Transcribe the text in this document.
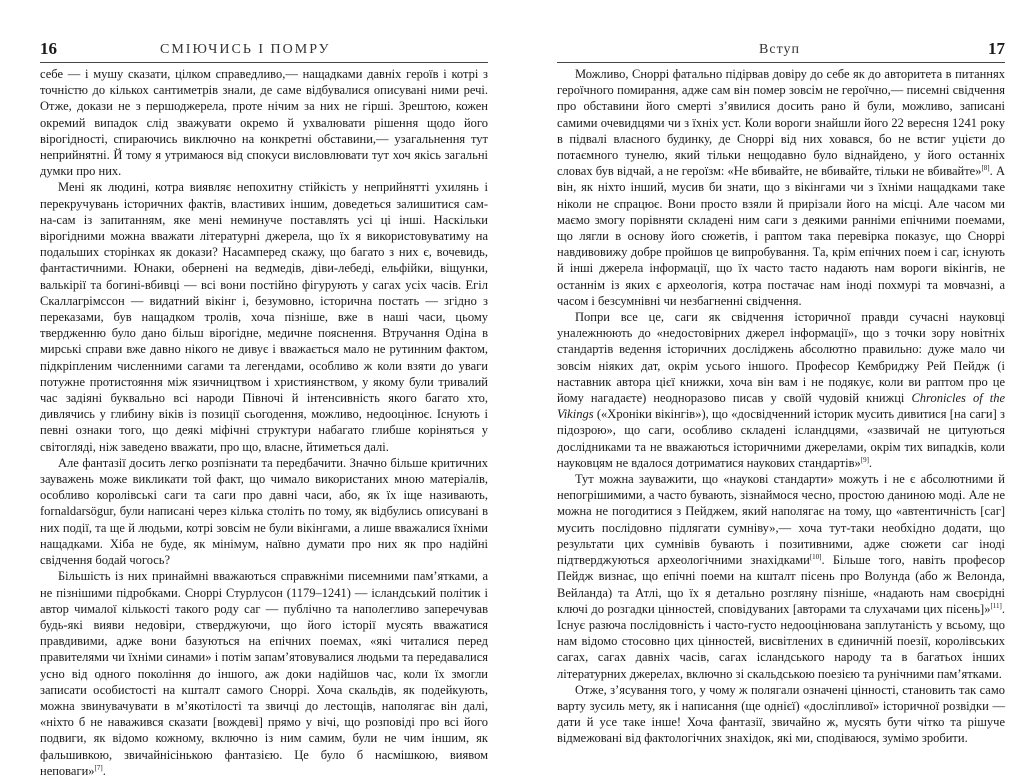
16	СМІЮЧИСЬ І ПОМРУ

себе — і мушу сказати, цілком справедливо,— нащадками давніх героїв і котрі з точністю до кількох сантиметрів знали, де саме відбувалися описувані ними речі. Отже, докази не з першоджерела, проте нічим за них не гірші. Зрештою, кожен окремий випадок слід зважувати окремо й ухвалювати рішення щодо його вірогідності, спираючись виключно на конкретні обставини,— узагальнення тут неприйнятні. Й тому я утримаюся від спокуси висловлювати тут хоч якісь загальні думки про них.

Мені як людині, котра виявляє непохитну стійкість у неприйнятті ухилянь і перекручувань історичних фактів, властивих іншим, доведеться залишитися сам-на-сам із запитанням, яке мені неминуче поставлять усі ці інші. Наскільки вірогідними можна вважати літературні джерела, що їх я використовуватиму на подальших сторінках як докази? Насамперед скажу, що багато з них є, вочевидь, фантастичними. Юнаки, обернені на ведмедів, діви-лебеді, ельфійки, віщунки, валькірії та богині-вбивці — всі вони постійно фігурують у сагах усіх часів. Егіл Скаллагрімссон — видатний вікінг і, безумовно, історична постать — згідно з переказами, був нащадком тролів, хоча пізніше, вже в наші часи, цьому твердженню було дано більш вірогідне, медичне пояснення. Втручання Одіна в мирські справи вже давно нікого не дивує і вважається мало не рутинним фактом, підкріпленим численними сагами та легендами, особливо ж коли взяти до уваги потужне протистояння між язичництвом і християнством, у якому були тривалий час задіяні буквально всі народи Півночі й інтенсивність якого багато хто, дивлячись у глибину віків із позиції сьогодення, можливо, недооцінює. Існують і певні ознаки того, що деякі міфічні структури набагато глибше коріняться у світогляді, ніж заведено вважати, про що, власне, йтиметься далі.

Але фантазії досить легко розпізнати та передбачити. Значно більше критичних зауважень може викликати той факт, що чимало використаних мною матеріалів, особливо королівські саги та саги про давні часи, або, як їх іще називають, fornaldarsögur, були написані через кілька століть по тому, як відбулись описувані в них події, та ще й людьми, котрі зовсім не були вікінгами, а лише вважалися їхніми нащадками. Хіба не буде, як мінімум, наївно думати про них як про надійні свідчення бодай чогось?

Більшість із них принаймні вважаються справжніми писемними пам’ятками, а не пізнішими підробками. Сноррі Стурлусон (1179–1241) — ісландський політик і автор чималої кількості такого роду саг — публічно та наполегливо заперечував будь-які вияви недовіри, стверджуючи, що його історії мусять вважатися правдивими, адже вони базуються на епічних поемах, «які читалися перед правителями чи їхніми синами» і потім запам’ятовувалися людьми та передавалися усно від одного покоління до іншого, аж доки надійшов час, коли їх змогли записати особистості на кшталт самого Сноррі. Хоча скальдів, як подейкують, можна звинувачувати в м’якотілості та звичці до лестощів, наполягає він далі, «ніхто б не наважився сказати [вождеві] прямо у вічі, що розповіді про всі його подвиги, як відомо кожному, включно із ним самим, були не чим іншим, як фальшивкою, звичайнісінькою фантазією. Це було б насмішкою, виявом неповаги»[7].

Вступ	17

Можливо, Сноррі фатально підірвав довіру до себе як до авторитета в питаннях героїчного помирання, адже сам він помер зовсім не героїчно,— писемні свідчення про обставини його смерті з’явилися досить рано й були, можливо, записані самими очевидцями чи з їхніх уст. Коли вороги знайшли його 22 вересня 1241 року в підвалі власного будинку, де Сноррі від них ховався, бо не встиг уцієти до потаємного тунелю, який тільки нещодавно було віднайдено, у його останніх словах був відчай, а не героїзм: «Не вбивайте, не вбивайте, тільки не вбивайте»[8]. А він, як ніхто інший, мусив би знати, що з вікінгами чи з їхніми нащадками таке ніколи не спрацює. Вони просто взяли й прирізали його на місці. Але часом ми маємо змогу порівняти складені ним саги з деякими ранніми епічними поемами, що лягли в основу його сюжетів, і раптом така перевірка показує, що Сноррі навдивовижу добре пройшов це випробування. Та, крім епічних поем і саг, існують й інші джерела інформації, що їх часто тасто надають нам вороги вікінгів, не останнім із яких є археологія, котра постачає нам іноді похмурі та мовчазні, а часом і безсумнівні чи незбагненні свідчення.

Попри все це, саги як свідчення історичної правди сучасні науковці уналежнюють до «недостовірних джерел інформації», що з точки зору новітніх стандартів ведення історичних досліджень абсолютно правильно: дуже мало чи зовсім ніяких дат, окрім усього іншого. Професор Кембриджу Рей Пейдж (і наставник автора цієї книжки, хоча він вам і не подякує, коли ви раптом про це йому нагадаєте) неодноразово писав у своїй чудовій книжці Chronicles of the Vikings («Хроніки вікінгів»), що «досвідченний історик мусить дивитися [на саги] з підозрою», що саги, особливо складені ісландцями, «зазвичай не цитуються дослідниками та не вважаються історичними джерелами, окрім тих випадків, коли науковцям не вдалося дотриматися наукових стандартів»[9].

Тут можна зауважити, що «наукові стандарти» можуть і не є абсолютними й непогрішимими, а часто бувають, зізнаймося чесно, простою даниною моді. Але не можна не погодитися з Пейджем, який наполягає на тому, що «автентичність [саг] мусить послідовно підлягати сумніву»,— хоча тут-таки необхідно додати, що результати цих сумнівів бувають і позитивними, адже сюжети саг іноді підтверджуються археологічними знахідками[10]. Більше того, навіть професор Пейдж визнає, що епічні поеми на кшталт пісень про Волунда (або ж Велонда, Вейланда) та Атлі, що їх я детально розгляну пізніше, «надають нам своєрідні ключі до розгадки цінностей, сповідуваних [авторами та слухачами цих пісень]»[11]. Існує разюча послідовність і часто-густо недооцінювана заплутаність у всьому, що нам відомо стосовно цих цінностей, висвітлених в єдиничній поезії, королівських сагах, сагах давніх часів, сагах ісландського народу та в багатьох інших літературних джерелах, включно зі скальдською поезією та рунічними пам’ятками.

Отже, з’ясування того, у чому ж полягали означені цінності, становить так само варту зусиль мету, як і написання (ще однієї) «досліпливої» історичної розвідки — дати й усе таке інше! Хоча фантазії, звичайно ж, мусять бути чітко та рішуче відмежовані від фактологічних знахідок, які ми, сподіваюся, зумімо зробити.
